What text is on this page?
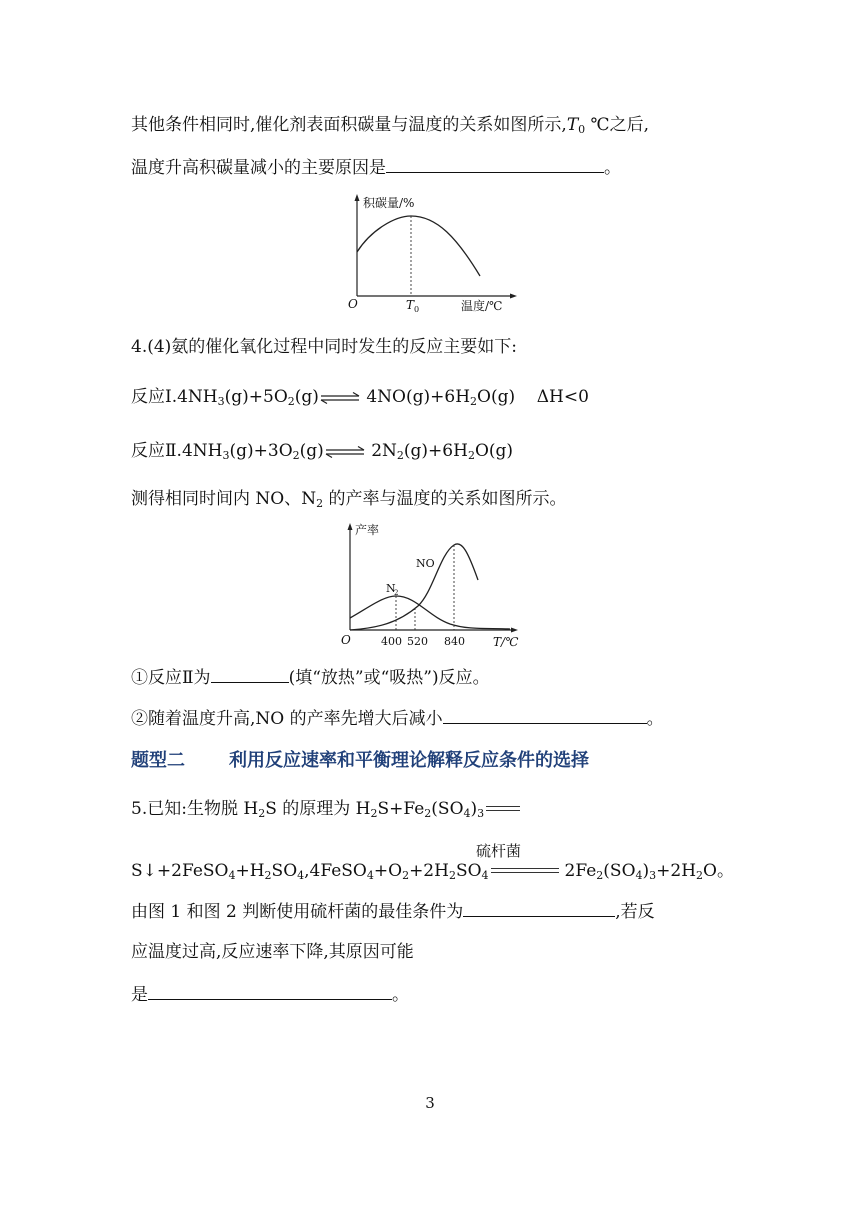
其他条件相同时,催化剂表面积碳量与温度的关系如图所示$,T_0$ ℃之后,
温度升高积碳量减小的主要原因是	。
积碳量/%
O	T 0	温度/℃
4.(4)氨的催化氧化过程中同时发生的反应主要如下:
反应$Ⅰ.4NH_3(g)+5O_2(g)\rightleftharpoons$ $4NO(g)+6H_2O(g)$    ΔH<0
反应$Ⅱ.4NH_3(g)+3O_2(g)\rightleftharpoons$ $2N_2(g)+6H_2O(g)$
测得相同时间内 NO、$N_2$ 的产率与温度的关系如图所示。
产率
NO
N
2
O	400 520 840 T/℃
①反应Ⅱ为	(填“放热”或“吸热”)反应。
②随着温度升高,NO 的产率先增大后减小	。
题型二 利用反应速率和平衡理论解释反应条件的选择
5.已知:生物脱 $H_2S$ 的原理为 $H_2S+Fe_2(SO_4)_3$
硫杆菌
$S↓+2FeSO_4+H_2SO_4,4FeSO_4+O_2+2H_2SO_4$	$2Fe_2(SO_4)_3+2H_2O$。
由图 1 和图 2 判断使用硫杆菌的最佳条件为	,若反
应温度过高,反应速率下降,其原因可能
是	。
3
